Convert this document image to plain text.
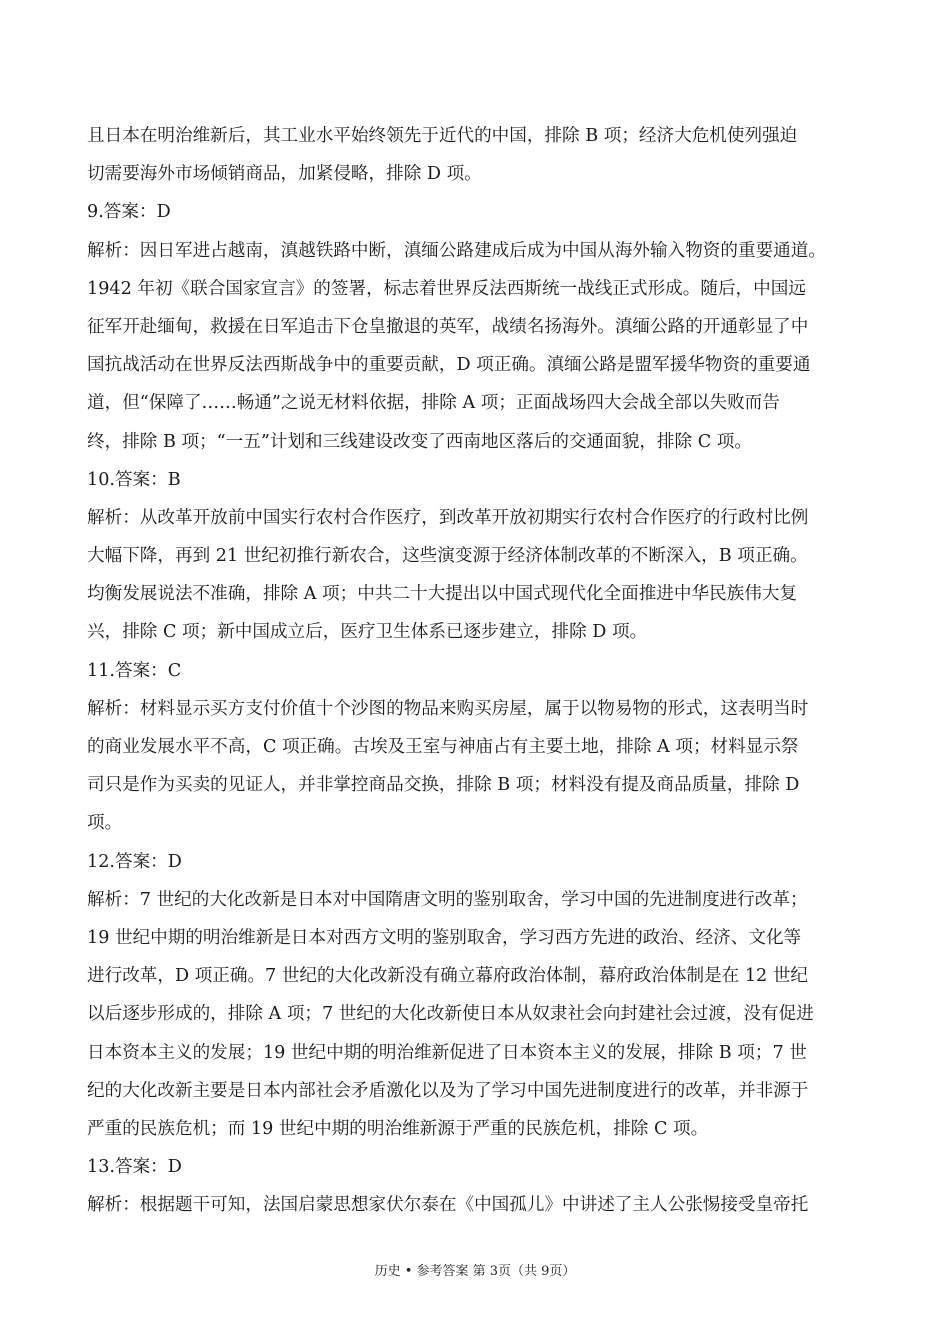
且日本在明治维新后，其工业水平始终领先于近代的中国，排除 B 项；经济大危机使列强迫
切需要海外市场倾销商品，加紧侵略，排除 D 项。
9.答案：D
解析：因日军进占越南，滇越铁路中断，滇缅公路建成后成为中国从海外输入物资的重要通道。
1942 年初《联合国家宣言》的签署，标志着世界反法西斯统一战线正式形成。随后，中国远
征军开赴缅甸，救援在日军追击下仓皇撤退的英军，战绩名扬海外。滇缅公路的开通彰显了中
国抗战活动在世界反法西斯战争中的重要贡献，D 项正确。滇缅公路是盟军援华物资的重要通
道，但“保障了……畅通”之说无材料依据，排除 A 项；正面战场四大会战全部以失败而告
终，排除 B 项；“一五”计划和三线建设改变了西南地区落后的交通面貌，排除 C 项。
10.答案：B
解析：从改革开放前中国实行农村合作医疗，到改革开放初期实行农村合作医疗的行政村比例
大幅下降，再到 21 世纪初推行新农合，这些演变源于经济体制改革的不断深入，B 项正确。
均衡发展说法不准确，排除 A 项；中共二十大提出以中国式现代化全面推进中华民族伟大复
兴，排除 C 项；新中国成立后，医疗卫生体系已逐步建立，排除 D 项。
11.答案：C
解析：材料显示买方支付价值十个沙图的物品来购买房屋，属于以物易物的形式，这表明当时
的商业发展水平不高，C 项正确。古埃及王室与神庙占有主要土地，排除 A 项；材料显示祭
司只是作为买卖的见证人，并非掌控商品交换，排除 B 项；材料没有提及商品质量，排除 D
项。
12.答案：D
解析：7 世纪的大化改新是日本对中国隋唐文明的鉴别取舍，学习中国的先进制度进行改革；
19 世纪中期的明治维新是日本对西方文明的鉴别取舍，学习西方先进的政治、经济、文化等
进行改革，D 项正确。7 世纪的大化改新没有确立幕府政治体制，幕府政治体制是在 12 世纪
以后逐步形成的，排除 A 项；7 世纪的大化改新使日本从奴隶社会向封建社会过渡，没有促进
日本资本主义的发展；19 世纪中期的明治维新促进了日本资本主义的发展，排除 B 项；7 世
纪的大化改新主要是日本内部社会矛盾激化以及为了学习中国先进制度进行的改革，并非源于
严重的民族危机；而 19 世纪中期的明治维新源于严重的民族危机，排除 C 项。
13.答案：D
解析：根据题干可知，法国启蒙思想家伏尔泰在《中国孤儿》中讲述了主人公张惕接受皇帝托
历史 • 参考答案 第 3页（共 9页）
